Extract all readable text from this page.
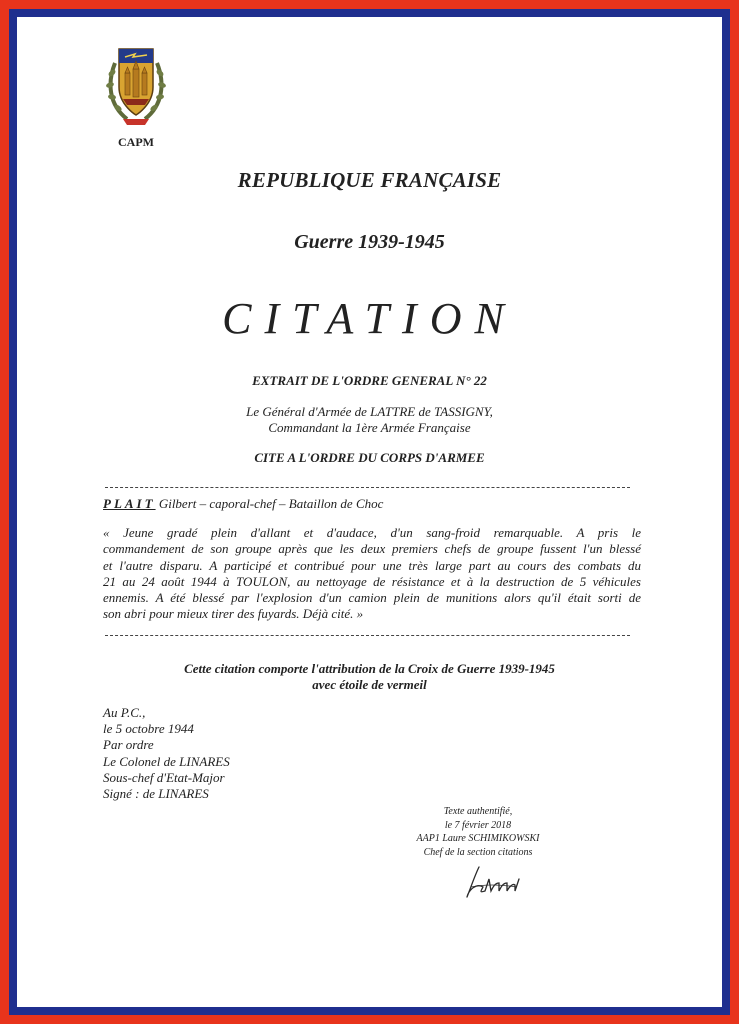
CAPM
REPUBLIQUE FRANÇAISE
Guerre 1939-1945
CITATION
EXTRAIT DE L'ORDRE GENERAL N° 22
Le Général d'Armée de LATTRE de TASSIGNY,
Commandant la 1ère Armée Française
CITE A L'ORDRE DU CORPS D'ARMEE
PLAIT Gilbert – caporal-chef – Bataillon de Choc
« Jeune gradé plein d'allant et d'audace, d'un sang-froid remarquable. A pris le
commandement de son groupe après que les deux premiers chefs de groupe fussent l'un blessé
et l'autre disparu. A participé et contribué pour une très large part au cours des combats du
21 au 24 août 1944 à TOULON, au nettoyage de résistance et à la destruction de 5 véhicules
ennemis. A été blessé par l'explosion d'un camion plein de munitions alors qu'il était sorti de
son abri pour mieux tirer des fuyards. Déjà cité. »
Cette citation comporte l'attribution de la Croix de Guerre 1939-1945
avec étoile de vermeil
Au P.C.,
le 5 octobre 1944
Par ordre
Le Colonel de LINARES
Sous-chef d'Etat-Major
Signé : de LINARES
Texte authentifié,
le 7 février 2018
AAP1 Laure SCHIMIKOWSKI
Chef de la section citations
